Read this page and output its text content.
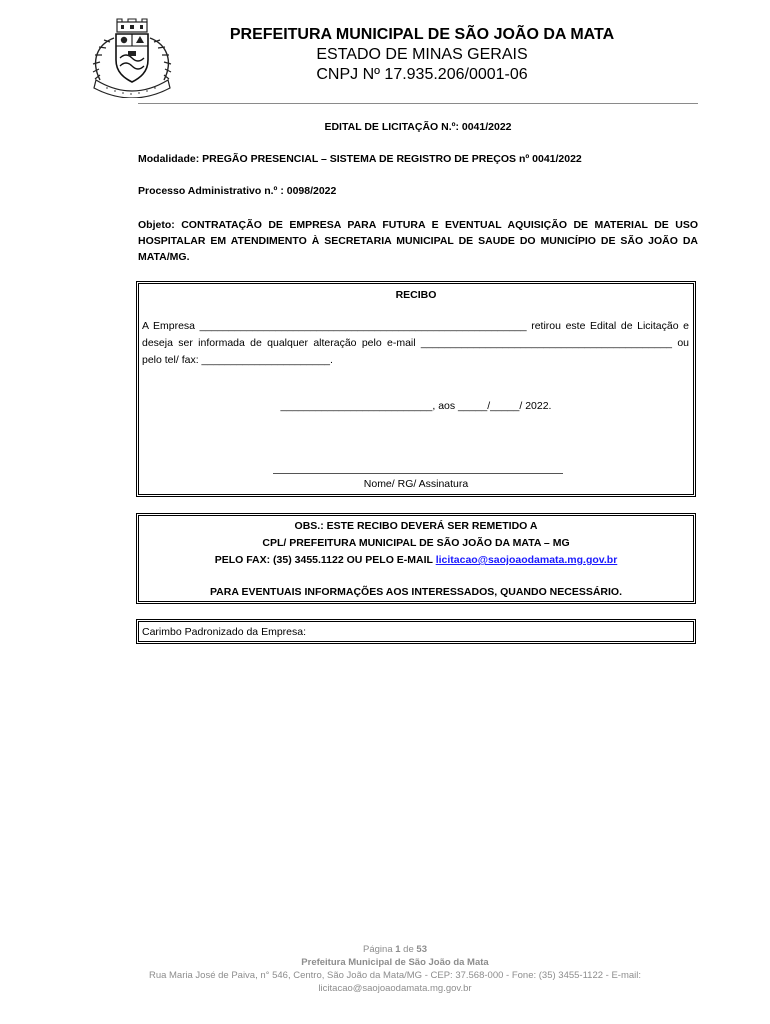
PREFEITURA MUNICIPAL DE SÃO JOÃO DA MATA
ESTADO DE MINAS GERAIS
CNPJ Nº 17.935.206/0001-06
EDITAL DE LICITAÇÃO N.º: 0041/2022
Modalidade: PREGÃO PRESENCIAL – SISTEMA DE REGISTRO DE PREÇOS nº 0041/2022
Processo Administrativo n.º : 0098/2022
Objeto: CONTRATAÇÃO DE EMPRESA PARA FUTURA E EVENTUAL AQUISIÇÃO DE MATERIAL DE USO HOSPITALAR EM ATENDIMENTO À SECRETARIA MUNICIPAL DE SAUDE DO MUNICÍPIO DE SÃO JOÃO DA MATA/MG.
RECIBO
A Empresa ________________________________________________________ retirou este Edital de Licitação e deseja ser informada de qualquer alteração pelo e-mail ___________________________________________ ou pelo tel/ fax: ______________________.
__________________________, aos _____/_____/ 2022.
Nome/ RG/ Assinatura
OBS.: ESTE RECIBO DEVERÁ SER REMETIDO A
CPL/ PREFEITURA MUNICIPAL DE SÃO JOÃO DA MATA – MG
PELO FAX: (35) 3455.1122 OU PELO E-MAIL licitacao@saojoaodamata.mg.gov.br
PARA EVENTUAIS INFORMAÇÕES AOS INTERESSADOS, QUANDO NECESSÁRIO.
Carimbo Padronizado da Empresa:
Página 1 de 53
Prefeitura Municipal de São João da Mata
Rua Maria José de Paiva, n° 546, Centro, São João da Mata/MG - CEP: 37.568-000 - Fone: (35) 3455-1122 - E-mail:
licitacao@saojoaodamata.mg.gov.br
